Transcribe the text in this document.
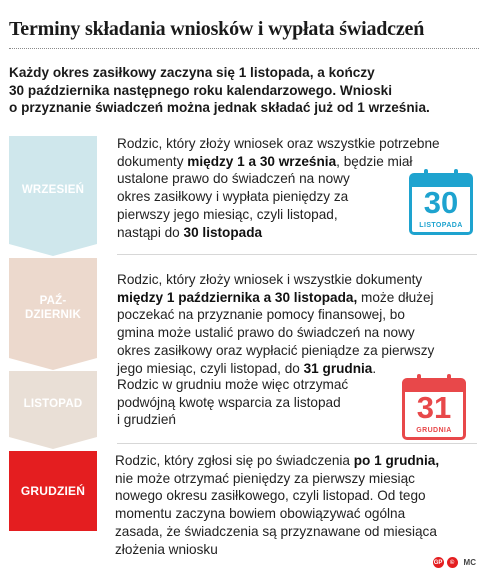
Terminy składania wniosków i wypłata świadczeń
Każdy okres zasiłkowy zaczyna się 1 listopada, a kończy
30 października następnego roku kalendarzowego. Wnioski
o przyznanie świadczeń można jednak składać już od 1 września.
WRZESIEŃ
PAŹ-
DZIERNIK
LISTOPAD
GRUDZIEŃ
Rodzic, który złoży wniosek oraz wszystkie potrzebne
dokumenty między 1 a 30 września, będzie miał
ustalone prawo do świadczeń na nowy
okres zasiłkowy i wypłata pieniędzy za
pierwszy jego miesiąc, czyli listopad,
nastąpi do 30 listopada
Rodzic, który złoży wniosek i wszystkie dokumenty
między 1 października a 30 listopada, może dłużej
poczekać na przyznanie pomocy finansowej, bo
gmina może ustalić prawo do świadczeń na nowy
okres zasiłkowy oraz wypłacić pieniądze za pierwszy
jego miesiąc, czyli listopad, do 31 grudnia.
Rodzic w grudniu może więc otrzymać
podwójną kwotę wsparcia za listopad
i grudzień
Rodzic, który zgłosi się po świadczenia po 1 grudnia,
nie może otrzymać pieniędzy za pierwszy miesiąc
nowego okresu zasiłkowego, czyli listopad. Od tego
momentu zaczyna bowiem obowiązywać ogólna
zasada, że świadczenia są przyznawane od miesiąca
złożenia wniosku
30
LISTOPADA
31
GRUDNIA
GP	©	MC
